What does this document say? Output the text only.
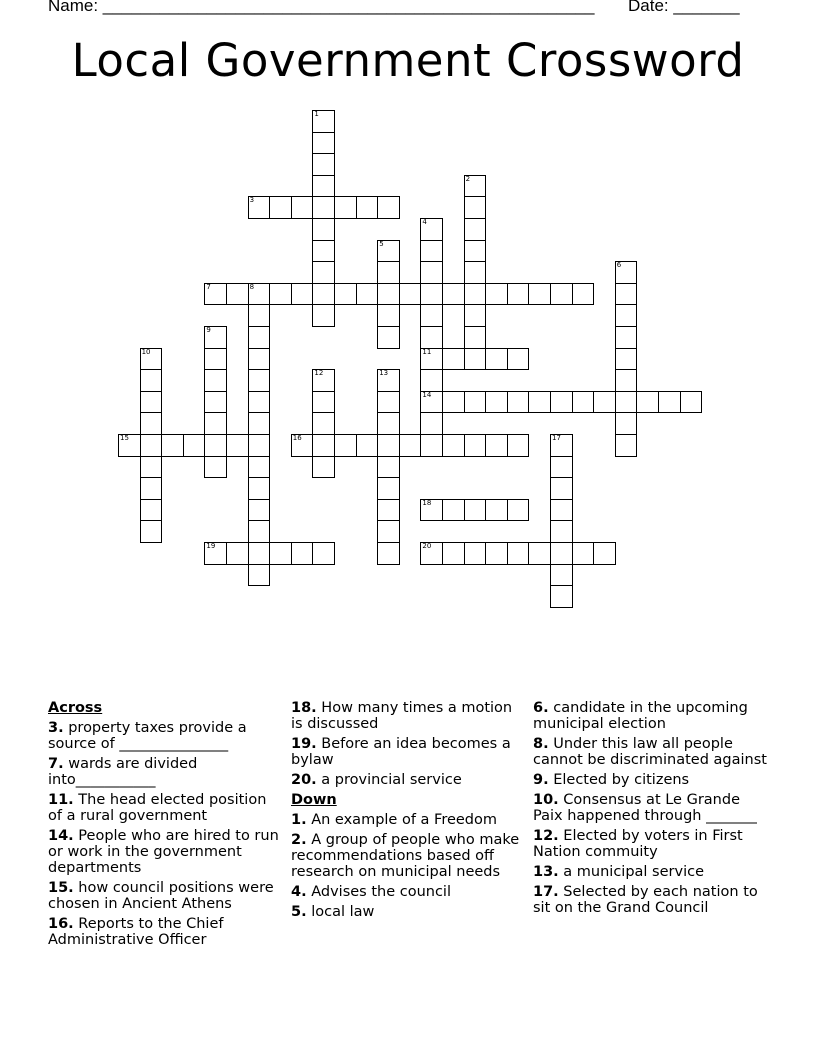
Name: ____________________________________________________ Date: _______
Local Government Crossword
1
2
3
4
11
14
5
6
7	8
9
10
12	13
15	16	17
18
19	20
Across
3. property taxes provide a source of _______________
7. wards are divided into___________
11. The head elected position of a rural government
14. People who are hired to run or work in the government departments
15. how council positions were chosen in Ancient Athens
16. Reports to the Chief Administrative Officer
18. How many times a motion is discussed
19. Before an idea becomes a bylaw
20. a provincial service
Down
1. An example of a Freedom
2. A group of people who make recommendations based off research on municipal needs
4. Advises the council
5. local law
6. candidate in the upcoming municipal election
8. Under this law all people cannot be discriminated against
9. Elected by citizens
10. Consensus at Le Grande Paix happened through _______
12. Elected by voters in First Nation commuity
13. a municipal service
17. Selected by each nation to sit on the Grand Council
